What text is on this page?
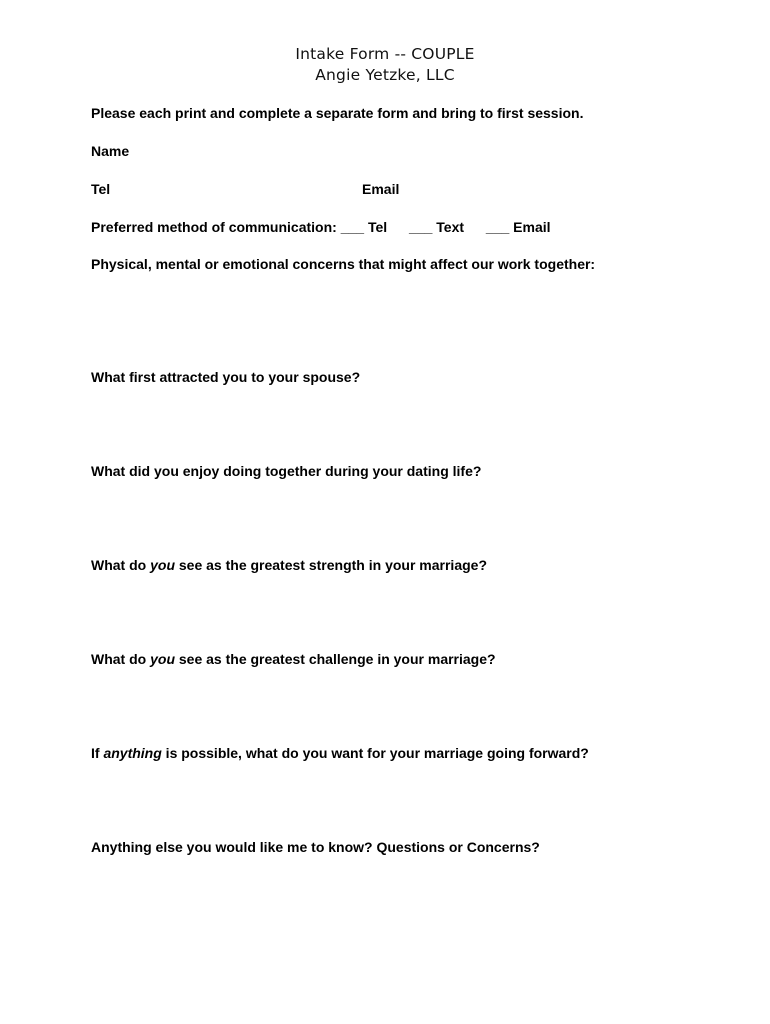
Intake Form -- COUPLE
Angie Yetzke, LLC
Please each print and complete a separate form and bring to first session.
Name
Tel	Email
Preferred method of communication: ___ Tel ___ Text ___ Email
Physical, mental or emotional concerns that might affect our work together:
What first attracted you to your spouse?
What did you enjoy doing together during your dating life?
What do you see as the greatest strength in your marriage?
What do you see as the greatest challenge in your marriage?
If anything is possible, what do you want for your marriage going forward?
Anything else you would like me to know? Questions or Concerns?
